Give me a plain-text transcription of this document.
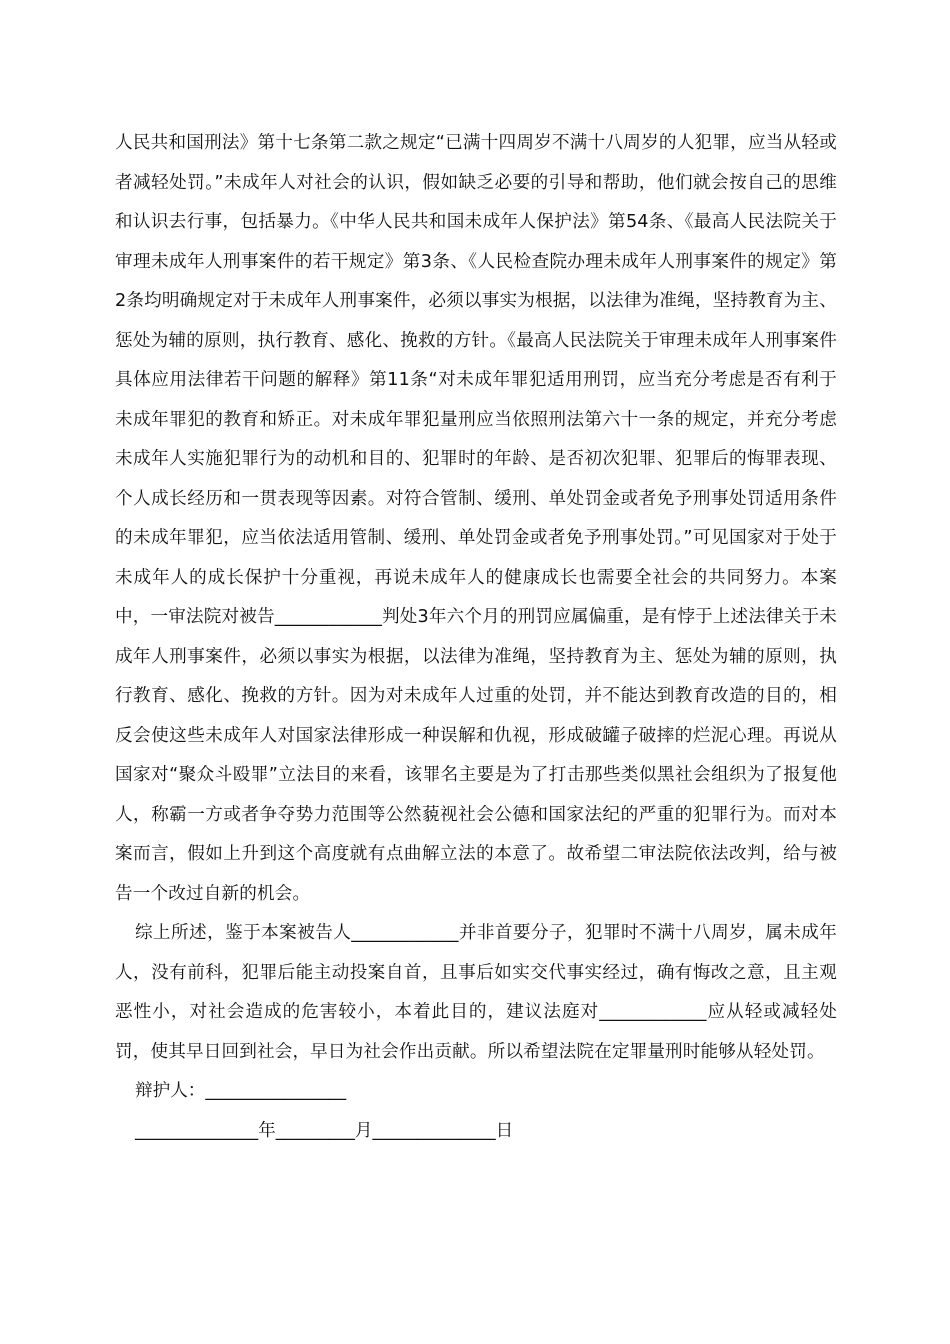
人民共和国刑法》第十七条第二款之规定“已满十四周岁不满十八周岁的人犯罪，应当从轻或者减轻处罚。”未成年人对社会的认识，假如缺乏必要的引导和帮助，他们就会按自己的思维和认识去行事，包括暴力。《中华人民共和国未成年人保护法》第54条、《最高人民法院关于审理未成年人刑事案件的若干规定》第3条、《人民检查院办理未成年人刑事案件的规定》第2条均明确规定对于未成年人刑事案件，必须以事实为根据，以法律为准绳，坚持教育为主、惩处为辅的原则，执行教育、感化、挽救的方针。《最高人民法院关于审理未成年人刑事案件具体应用法律若干问题的解释》第11条“对未成年罪犯适用刑罚，应当充分考虑是否有利于未成年罪犯的教育和矫正。对未成年罪犯量刑应当依照刑法第六十一条的规定，并充分考虑未成年人实施犯罪行为的动机和目的、犯罪时的年龄、是否初次犯罪、犯罪后的悔罪表现、个人成长经历和一贯表现等因素。对符合管制、缓刑、单处罚金或者免予刑事处罚适用条件的未成年罪犯，应当依法适用管制、缓刑、单处罚金或者免予刑事处罚。”可见国家对于处于未成年人的成长保护十分重视，再说未成年人的健康成长也需要全社会的共同努力。本案中，一审法院对被告____________判处3年六个月的刑罚应属偏重，是有悖于上述法律关于未成年人刑事案件，必须以事实为根据，以法律为准绳，坚持教育为主、惩处为辅的原则，执行教育、感化、挽救的方针。因为对未成年人过重的处罚，并不能达到教育改造的目的，相反会使这些未成年人对国家法律形成一种误解和仇视，形成破罐子破摔的烂泥心理。再说从国家对“聚众斗殴罪”立法目的来看，该罪名主要是为了打击那些类似黑社会组织为了报复他人，称霸一方或者争夺势力范围等公然藐视社会公德和国家法纪的严重的犯罪行为。而对本案而言，假如上升到这个高度就有点曲解立法的本意了。故希望二审法院依法改判，给与被告一个改过自新的机会。

综上所述，鉴于本案被告人____________并非首要分子，犯罪时不满十八周岁，属未成年人，没有前科，犯罪后能主动投案自首，且事后如实交代事实经过，确有悔改之意，且主观恶性小，对社会造成的危害较小，本着此目的，建议法庭对____________应从轻或减轻处罚，使其早日回到社会，早日为社会作出贡献。所以希望法院在定罪量刑时能够从轻处罚。

辩护人：________________

______________年_________月______________日
